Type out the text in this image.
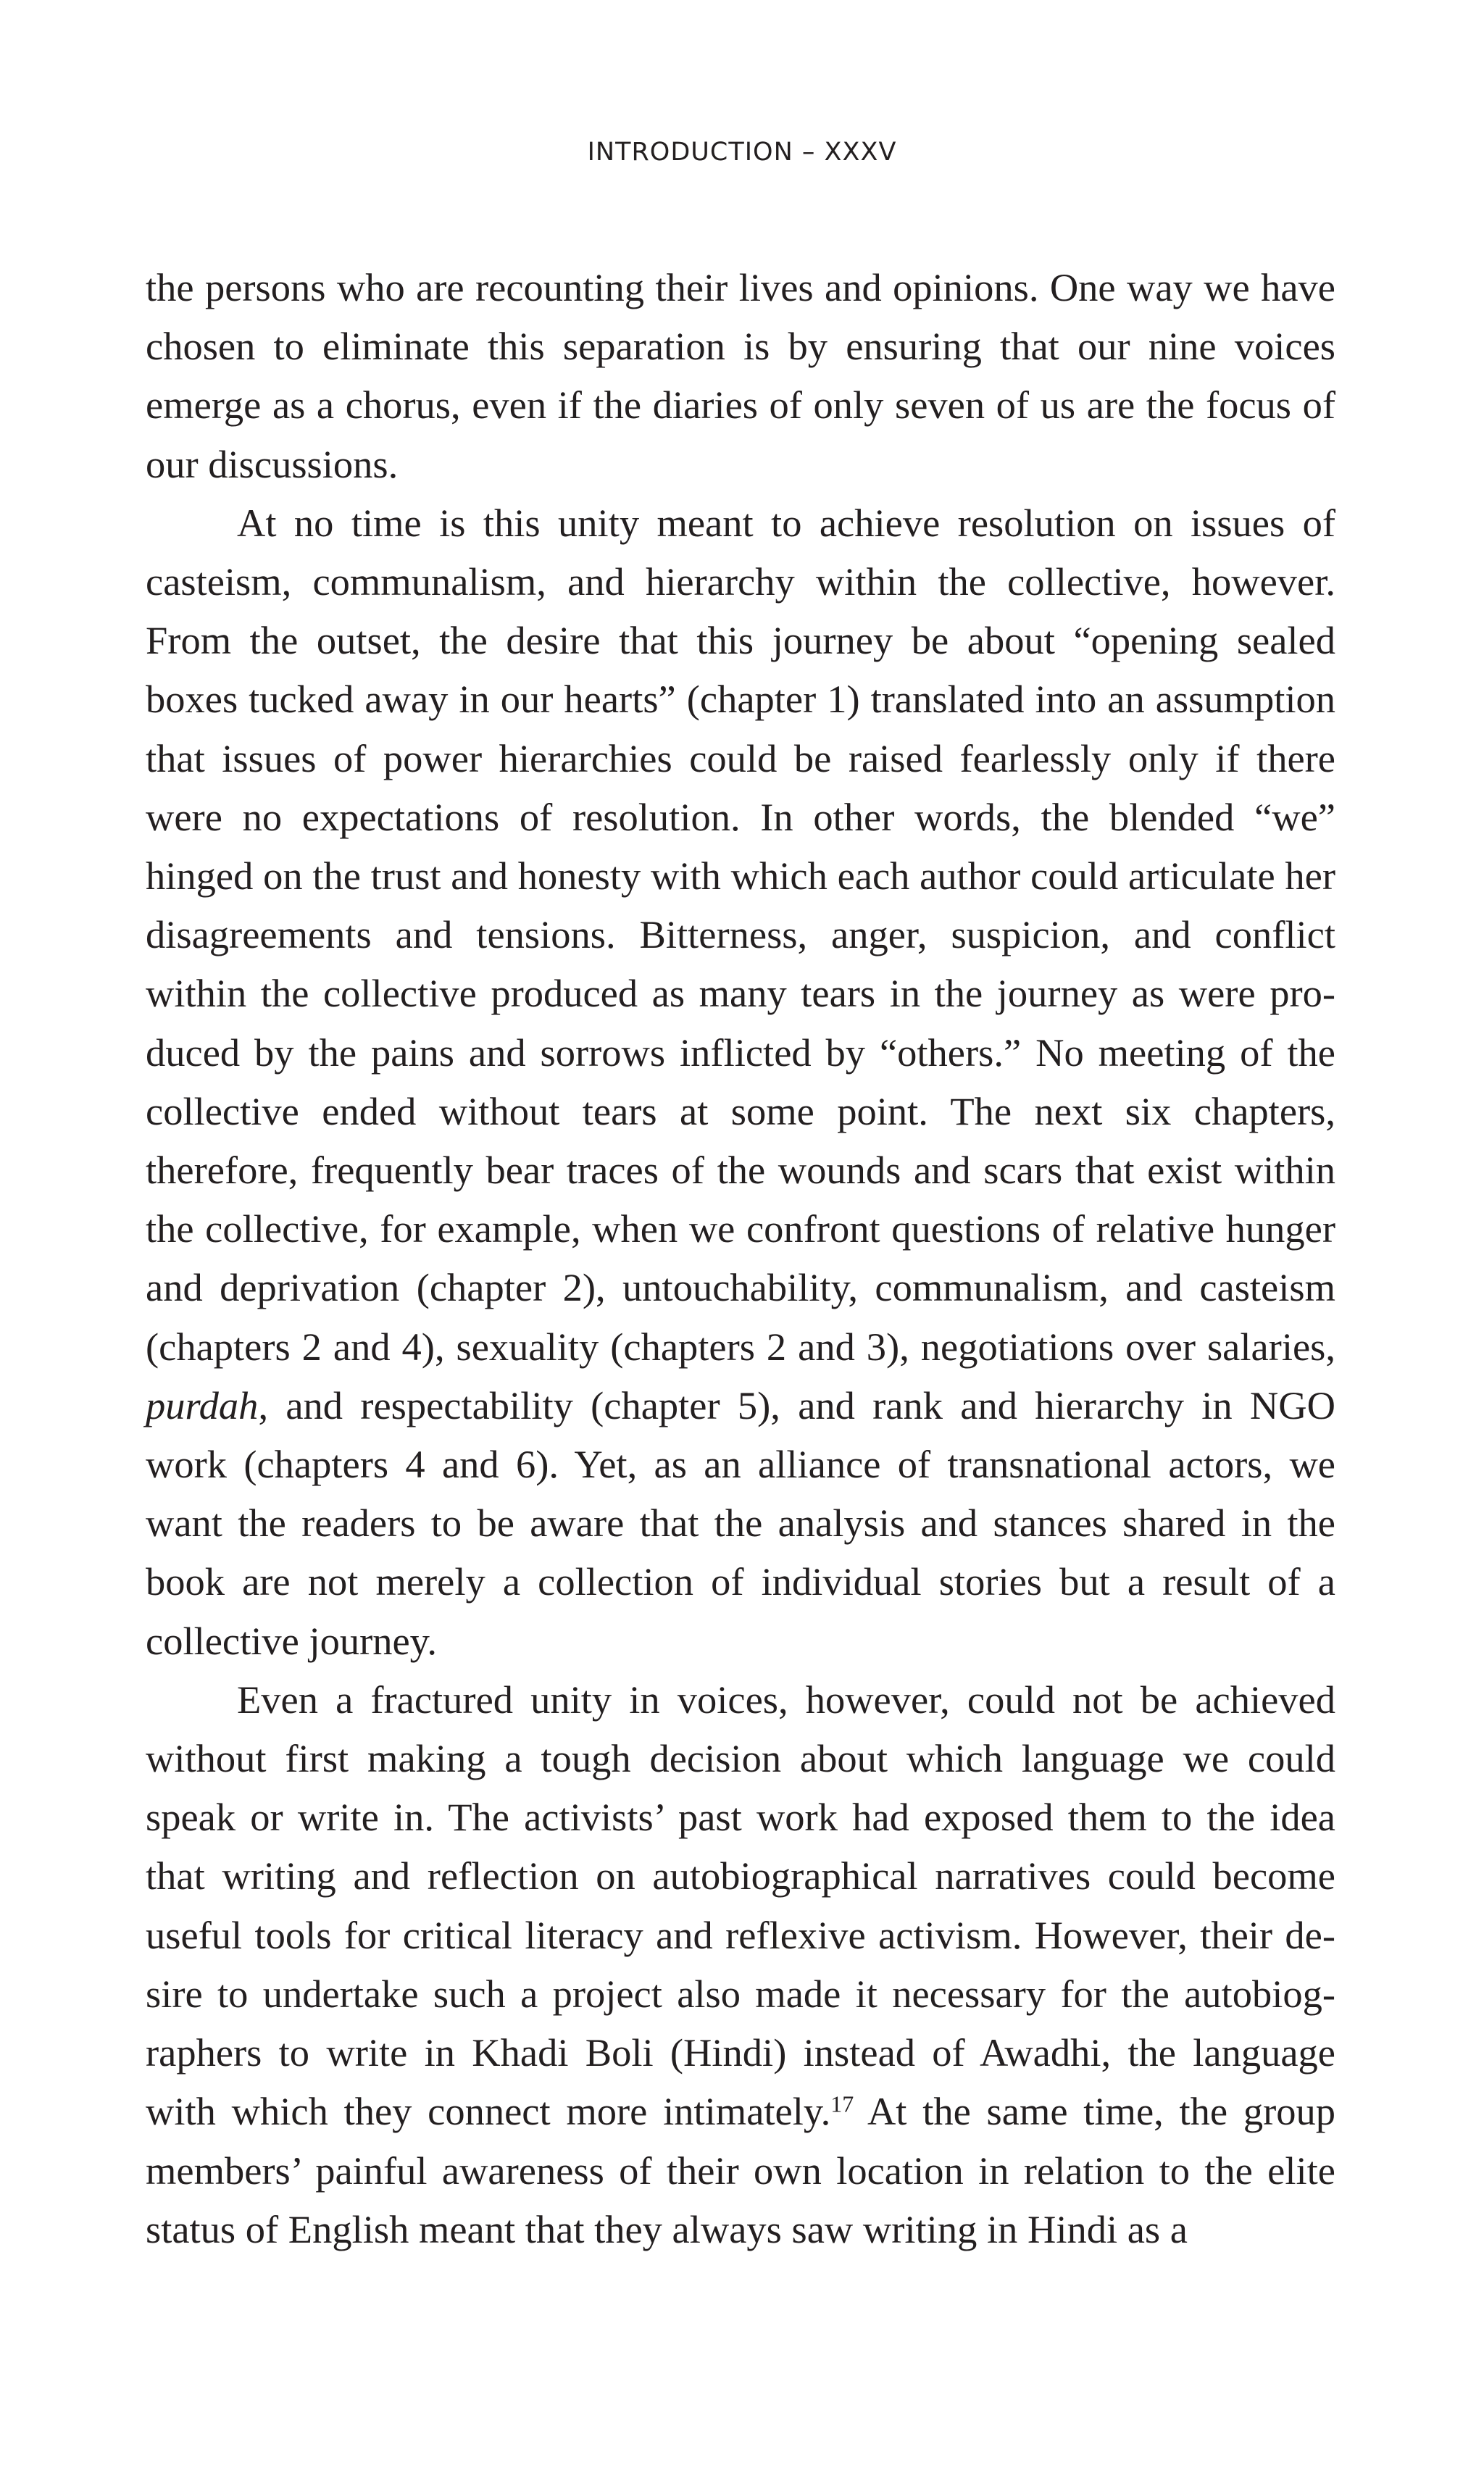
INTRODUCTION – XXXV

the persons who are recounting their lives and opinions. One way we have chosen to eliminate this separation is by ensuring that our nine voices emerge as a chorus, even if the diaries of only seven of us are the focus of our discussions.

At no time is this unity meant to achieve resolution on issues of casteism, communalism, and hierarchy within the collective, however. From the outset, the desire that this journey be about “opening sealed boxes tucked away in our hearts” (chapter 1) translated into an assumption that issues of power hierarchies could be raised fearlessly only if there were no expectations of resolution. In other words, the blended “we” hinged on the trust and honesty with which each author could articulate her disagreements and tensions. Bitterness, anger, suspicion, and conflict within the collective produced as many tears in the journey as were produced by the pains and sorrows inflicted by “others.” No meeting of the collective ended without tears at some point. The next six chapters, therefore, frequently bear traces of the wounds and scars that exist within the collective, for example, when we confront questions of relative hunger and deprivation (chapter 2), untouchability, communalism, and casteism (chapters 2 and 4), sexuality (chapters 2 and 3), negotiations over salaries, purdah, and respectability (chapter 5), and rank and hierarchy in NGO work (chapters 4 and 6). Yet, as an alliance of transnational actors, we want the readers to be aware that the analysis and stances shared in the book are not merely a collection of individual stories but a result of a collective journey.

Even a fractured unity in voices, however, could not be achieved without first making a tough decision about which language we could speak or write in. The activists’ past work had exposed them to the idea that writing and reflection on autobiographical narratives could become useful tools for critical literacy and reflexive activism. However, their desire to undertake such a project also made it necessary for the autobiographers to write in Khadi Boli (Hindi) instead of Awadhi, the language with which they connect more intimately.$^{17}$ At the same time, the group members’ painful awareness of their own location in relation to the elite status of English meant that they always saw writing in Hindi as a
